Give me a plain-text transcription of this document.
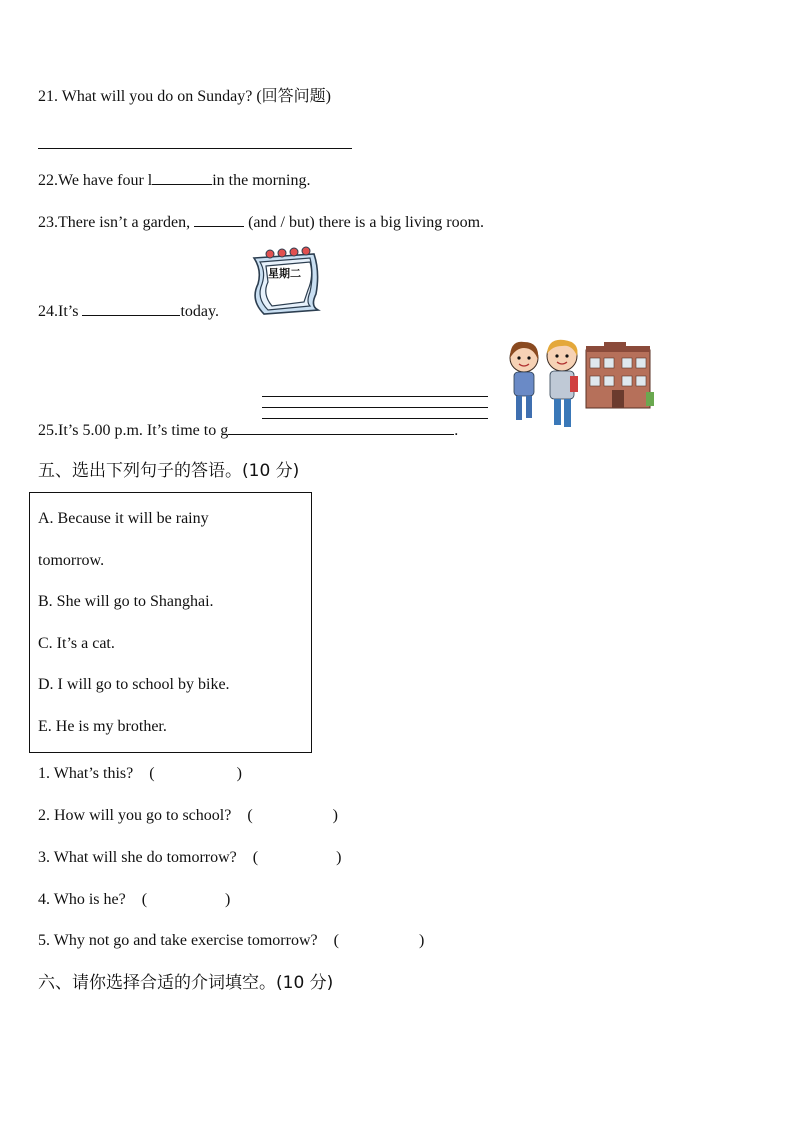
21. What will you do on Sunday? (回答问题)
22.We have four l	in the morning.
23.There isn’t a garden,	(and / but) there is a big living room.
24.It’s	today.
星期二
25.It’s 5.00 p.m. It’s time to g	.
五、选出下列句子的答语。(10 分)
A. Because it will be rainy
tomorrow.
B. She will go to Shanghai.
C. It’s a cat.
D. I will go to school by bike.
E. He is my brother.
1. What’s this? (	)
2. How will you go to school? (	)
3. What will she do tomorrow? (	)
4. Who is he? (	)
5. Why not go and take exercise tomorrow? (	)
六、请你选择合适的介词填空。(10 分)
